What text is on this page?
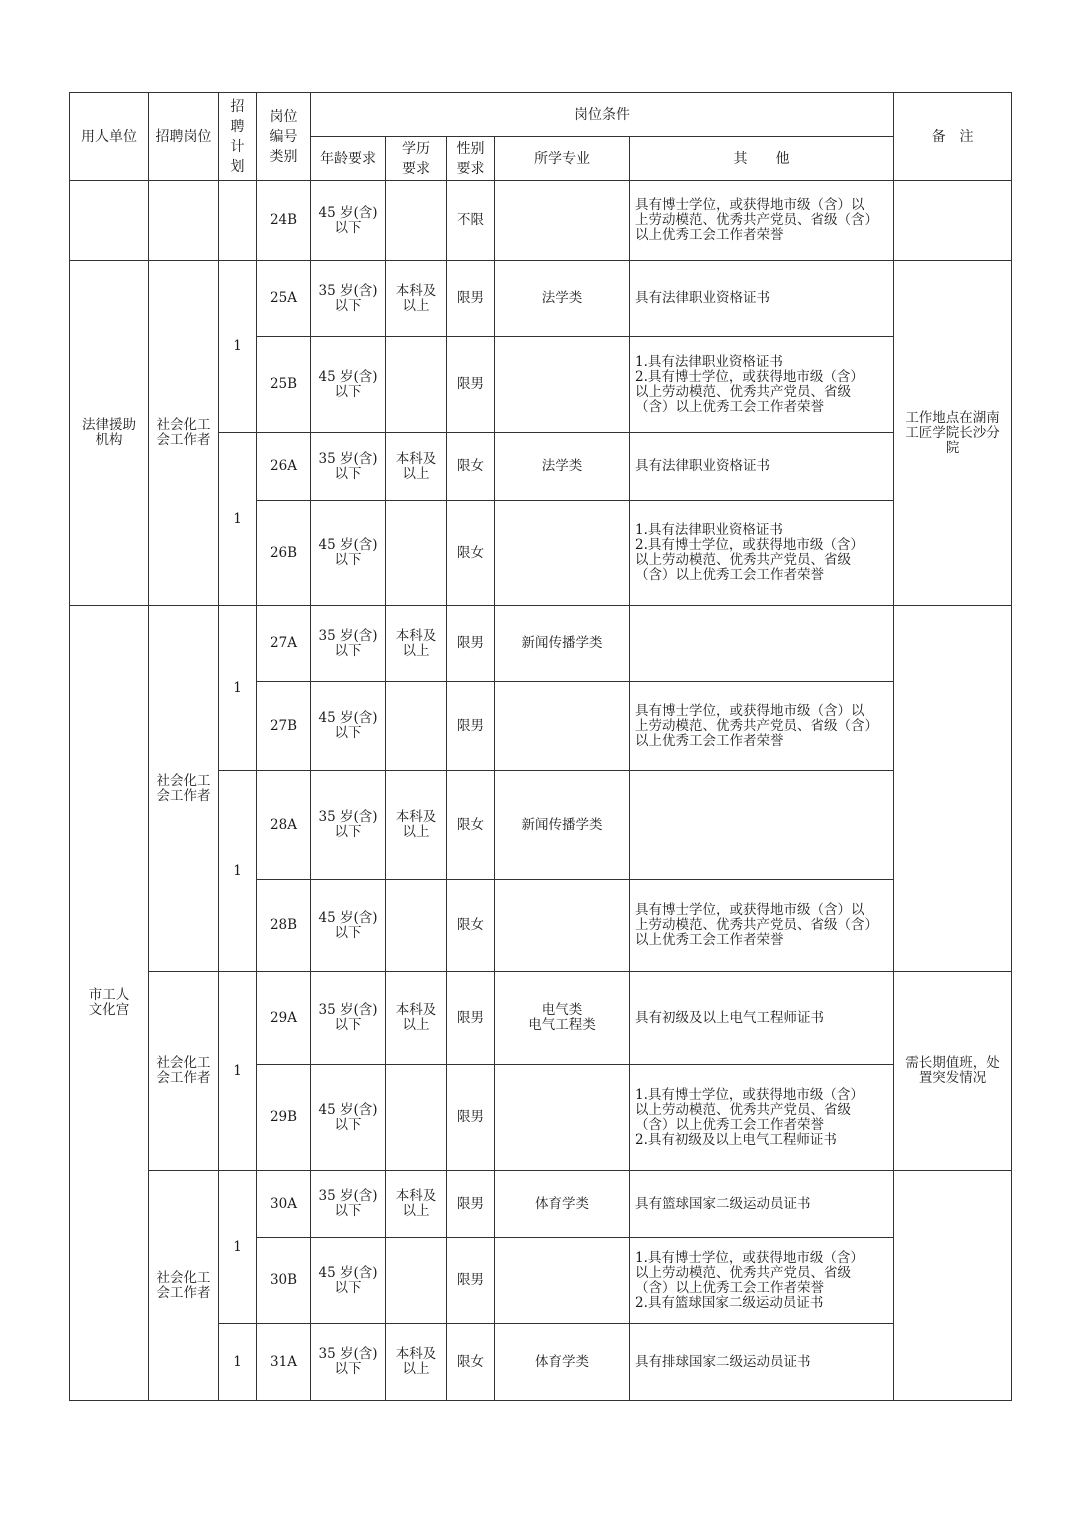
用人单位	招聘岗位	招
聘
计
划	岗位
编号
类别	岗位条件					备　注
				年龄要求	学历
要求	性别
要求	所学专业	其　　他	
			24B	45 岁(含)
以下		不限		具有博士学位，或获得地市级（含）以
上劳动模范、优秀共产党员、省级（含）
以上优秀工会工作者荣誉	
法律援助
机构	社会化工
会工作者	1	25A	35 岁(含)
以下	本科及
以上	限男	法学类	具有法律职业资格证书	工作地点在湖南
工匠学院长沙分
院
			25B	45 岁(含)
以下		限男		1.具有法律职业资格证书
2.具有博士学位，或获得地市级（含）
以上劳动模范、优秀共产党员、省级
（含）以上优秀工会工作者荣誉	
		1	26A	35 岁(含)
以下	本科及
以上	限女	法学类	具有法律职业资格证书	
			26B	45 岁(含)
以下		限女		1.具有法律职业资格证书
2.具有博士学位，或获得地市级（含）
以上劳动模范、优秀共产党员、省级
（含）以上优秀工会工作者荣誉	
市工人
文化宫	社会化工
会工作者	1	27A	35 岁(含)
以下	本科及
以上	限男	新闻传播学类		
			27B	45 岁(含)
以下		限男		具有博士学位，或获得地市级（含）以
上劳动模范、优秀共产党员、省级（含）
以上优秀工会工作者荣誉	
		1	28A	35 岁(含)
以下	本科及
以上	限女	新闻传播学类		
			28B	45 岁(含)
以下		限女		具有博士学位，或获得地市级（含）以
上劳动模范、优秀共产党员、省级（含）
以上优秀工会工作者荣誉	
	社会化工
会工作者	1	29A	35 岁(含)
以下	本科及
以上	限男	电气类
电气工程类	具有初级及以上电气工程师证书	需长期值班，处
置突发情况
			29B	45 岁(含)
以下		限男		1.具有博士学位，或获得地市级（含）
以上劳动模范、优秀共产党员、省级
（含）以上优秀工会工作者荣誉
2.具有初级及以上电气工程师证书	
	社会化工
会工作者	1	30A	35 岁(含)
以下	本科及
以上	限男	体育学类	具有篮球国家二级运动员证书	
			30B	45 岁(含)
以下		限男		1.具有博士学位，或获得地市级（含）
以上劳动模范、优秀共产党员、省级
（含）以上优秀工会工作者荣誉
2.具有篮球国家二级运动员证书	
		1	31A	35 岁(含)
以下	本科及
以上	限女	体育学类	具有排球国家二级运动员证书	
